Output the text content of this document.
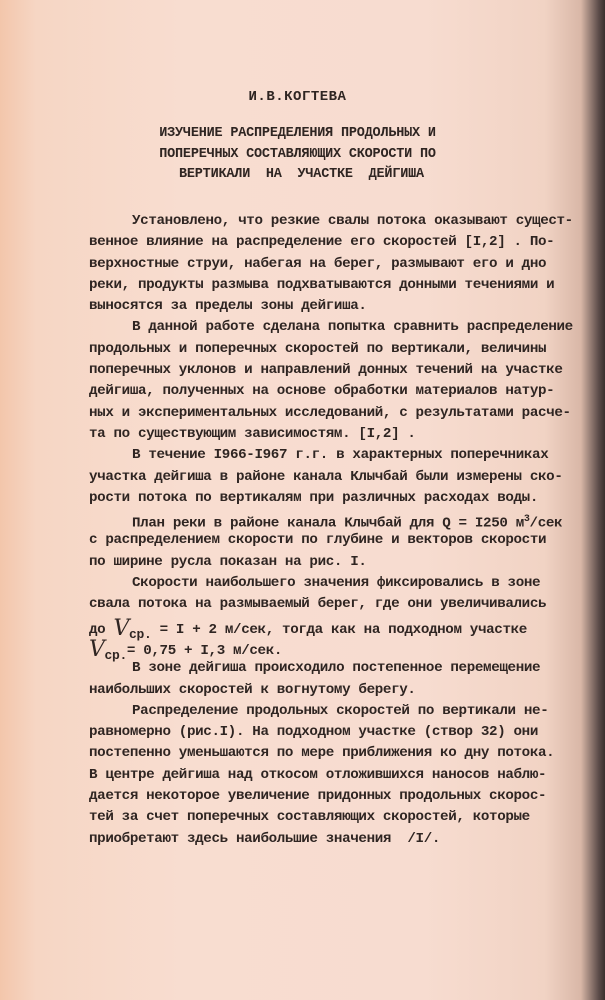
И.В.КОГТЕВА
ИЗУЧЕНИЕ РАСПРЕДЕЛЕНИЯ ПРОДОЛЬНЫХ И
ПОПЕРЕЧНЫХ СОСТАВЛЯЮЩИХ СКОРОСТИ ПО
ВЕРТИКАЛИ  НА  УЧАСТКЕ  ДЕЙГИША
Установлено, что резкие свалы потока оказывают сущест-
венное влияние на распределение его скоростей [I,2] . По-
верхностные струи, набегая на берег, размывают его и дно
реки, продукты размыва подхватываются донными течениями и
выносятся за пределы зоны дейгиша.
В данной работе сделана попытка сравнить распределение
продольных и поперечных скоростей по вертикали, величины
поперечных уклонов и направлений донных течений на участке
дейгиша, полученных на основе обработки материалов натур-
ных и экспериментальных исследований, с результатами расче-
та по существующим зависимостям. [I,2] .
В течение I966-I967 г.г. в характерных поперечниках
участка дейгиша в районе канала Клычбай были измерены ско-
рости потока по вертикалям при различных расходах воды.
План реки в районе канала Клычбай для Q = I250 $м^3$/сек
с распределением скорости по глубине и векторов скорости
по ширине русла показан на рис. I.
Скорости наибольшего значения фиксировались в зоне
свала потока на размываемый берег, где они увеличивались
до Vср. = I + 2 м/сек, тогда как на подходном участке
Vср.= 0,75 + I,3 м/сек.
В зоне дейгиша происходило постепенное перемещение
наибольших скоростей к вогнутому берегу.
Распределение продольных скоростей по вертикали не-
равномерно (рис.I). На подходном участке (створ 32) они
постепенно уменьшаются по мере приближения ко дну потока.
В центре дейгиша над откосом отложившихся наносов наблю-
дается некоторое увеличение придонных продольных скорос-
тей за счет поперечных составляющих скоростей, которые
приобретают здесь наибольшие значения  /I/.
